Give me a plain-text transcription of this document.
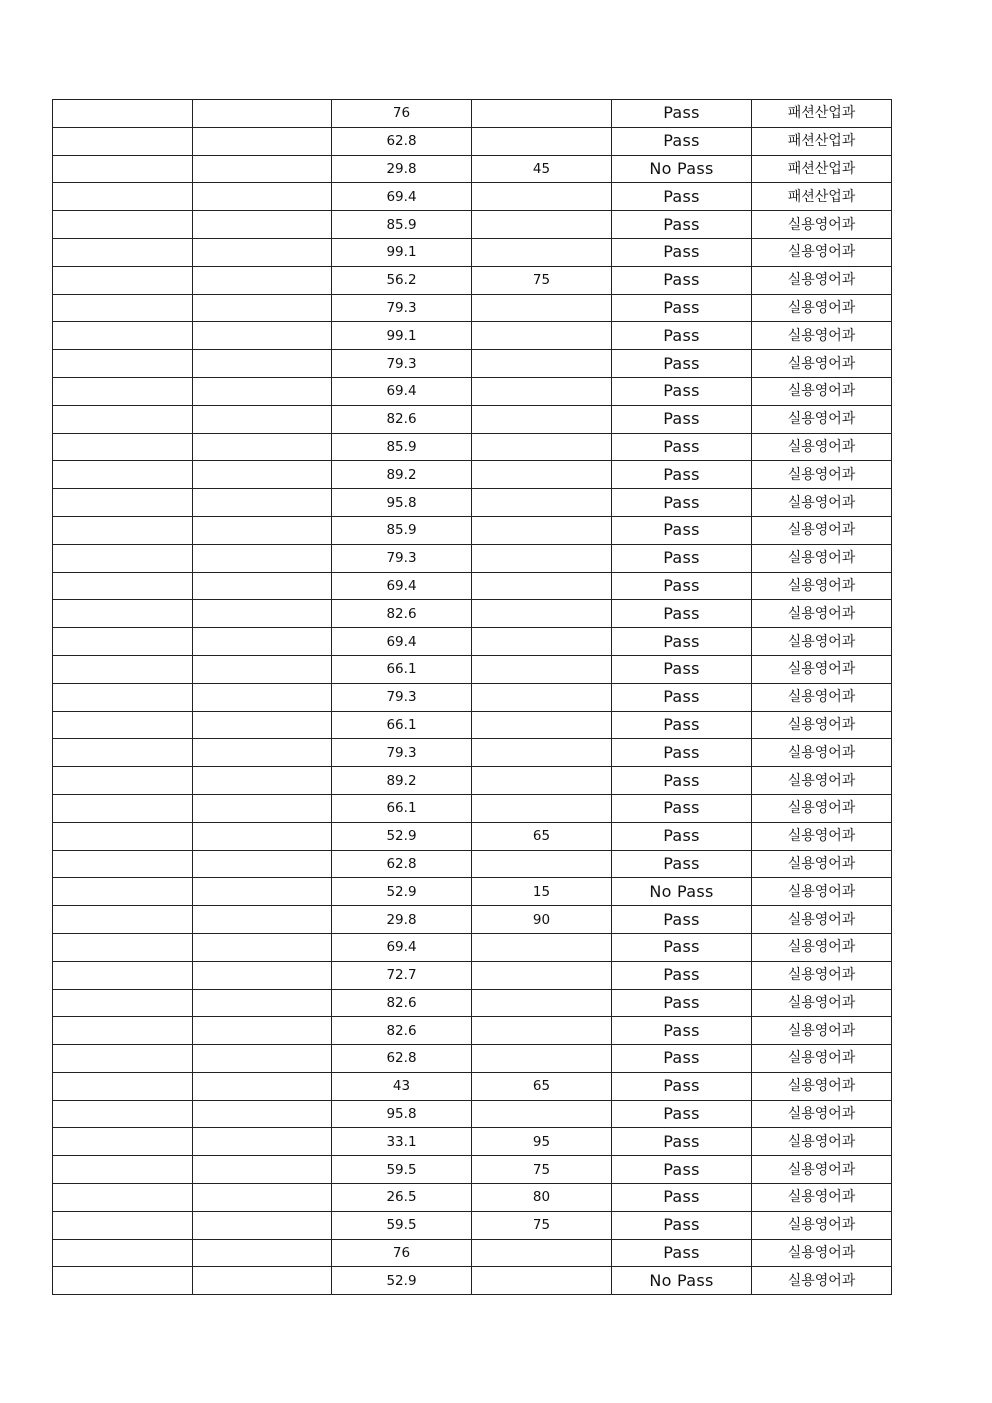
		76		Pass	패션산업과
		62.8		Pass	패션산업과
		29.8	45	No Pass	패션산업과
		69.4		Pass	패션산업과
		85.9		Pass	실용영어과
		99.1		Pass	실용영어과
		56.2	75	Pass	실용영어과
		79.3		Pass	실용영어과
		99.1		Pass	실용영어과
		79.3		Pass	실용영어과
		69.4		Pass	실용영어과
		82.6		Pass	실용영어과
		85.9		Pass	실용영어과
		89.2		Pass	실용영어과
		95.8		Pass	실용영어과
		85.9		Pass	실용영어과
		79.3		Pass	실용영어과
		69.4		Pass	실용영어과
		82.6		Pass	실용영어과
		69.4		Pass	실용영어과
		66.1		Pass	실용영어과
		79.3		Pass	실용영어과
		66.1		Pass	실용영어과
		79.3		Pass	실용영어과
		89.2		Pass	실용영어과
		66.1		Pass	실용영어과
		52.9	65	Pass	실용영어과
		62.8		Pass	실용영어과
		52.9	15	No Pass	실용영어과
		29.8	90	Pass	실용영어과
		69.4		Pass	실용영어과
		72.7		Pass	실용영어과
		82.6		Pass	실용영어과
		82.6		Pass	실용영어과
		62.8		Pass	실용영어과
		43	65	Pass	실용영어과
		95.8		Pass	실용영어과
		33.1	95	Pass	실용영어과
		59.5	75	Pass	실용영어과
		26.5	80	Pass	실용영어과
		59.5	75	Pass	실용영어과
		76		Pass	실용영어과
		52.9		No Pass	실용영어과
